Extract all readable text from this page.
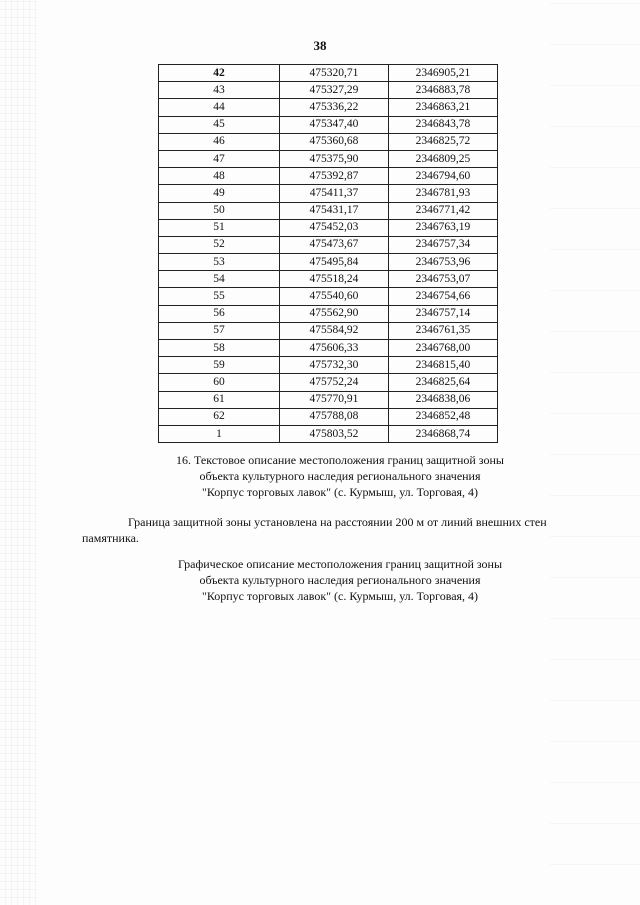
38
42	475320,71	2346905,21
43	475327,29	2346883,78
44	475336,22	2346863,21
45	475347,40	2346843,78
46	475360,68	2346825,72
47	475375,90	2346809,25
48	475392,87	2346794,60
49	475411,37	2346781,93
50	475431,17	2346771,42
51	475452,03	2346763,19
52	475473,67	2346757,34
53	475495,84	2346753,96
54	475518,24	2346753,07
55	475540,60	2346754,66
56	475562,90	2346757,14
57	475584,92	2346761,35
58	475606,33	2346768,00
59	475732,30	2346815,40
60	475752,24	2346825,64
61	475770,91	2346838,06
62	475788,08	2346852,48
1	475803,52	2346868,74
16. Текстовое описание местоположения границ защитной зоны
объекта культурного наследия регионального значения
"Корпус торговых лавок" (с. Курмыш, ул. Торговая, 4)
Граница защитной зоны установлена на расстоянии 200 м от линий внешних стен
памятника.
Графическое описание местоположения границ защитной зоны
объекта культурного наследия регионального значения
"Корпус торговых лавок" (с. Курмыш, ул. Торговая, 4)
